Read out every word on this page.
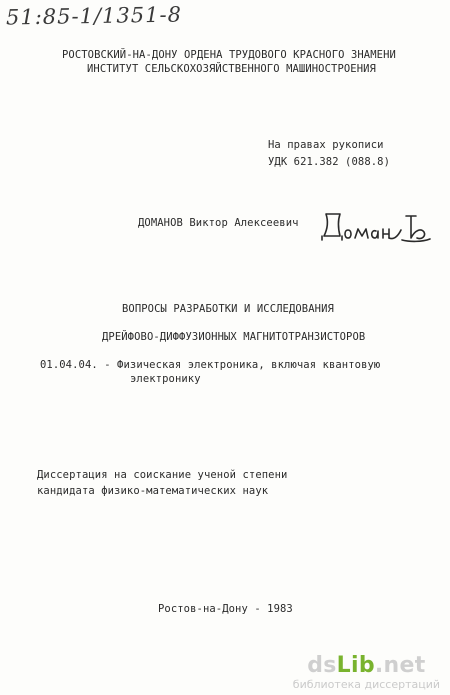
51:85-1/1351-8
РОСТОВСКИЙ-НА-ДОНУ ОРДЕНА ТРУДОВОГО КРАСНОГО ЗНАМЕНИ
ИНСТИТУТ СЕЛЬСКОХОЗЯЙСТВЕННОГО МАШИНОСТРОЕНИЯ
На правах рукописи
УДК 621.382 (088.8)
ДОМАНОВ Виктор Алексеевич
ВОПРОСЫ РАЗРАБОТКИ И ИССЛЕДОВАНИЯ
ДРЕЙФОВО-ДИФФУЗИОННЫХ МАГНИТОТРАНЗИСТОРОВ
01.04.04. - Физическая электроника, включая квантовую
электронику
Диссертация на соискание ученой степени
кандидата физико-математических наук
Ростов-на-Дону - 1983
dsLib.net
библиотека диссертаций
